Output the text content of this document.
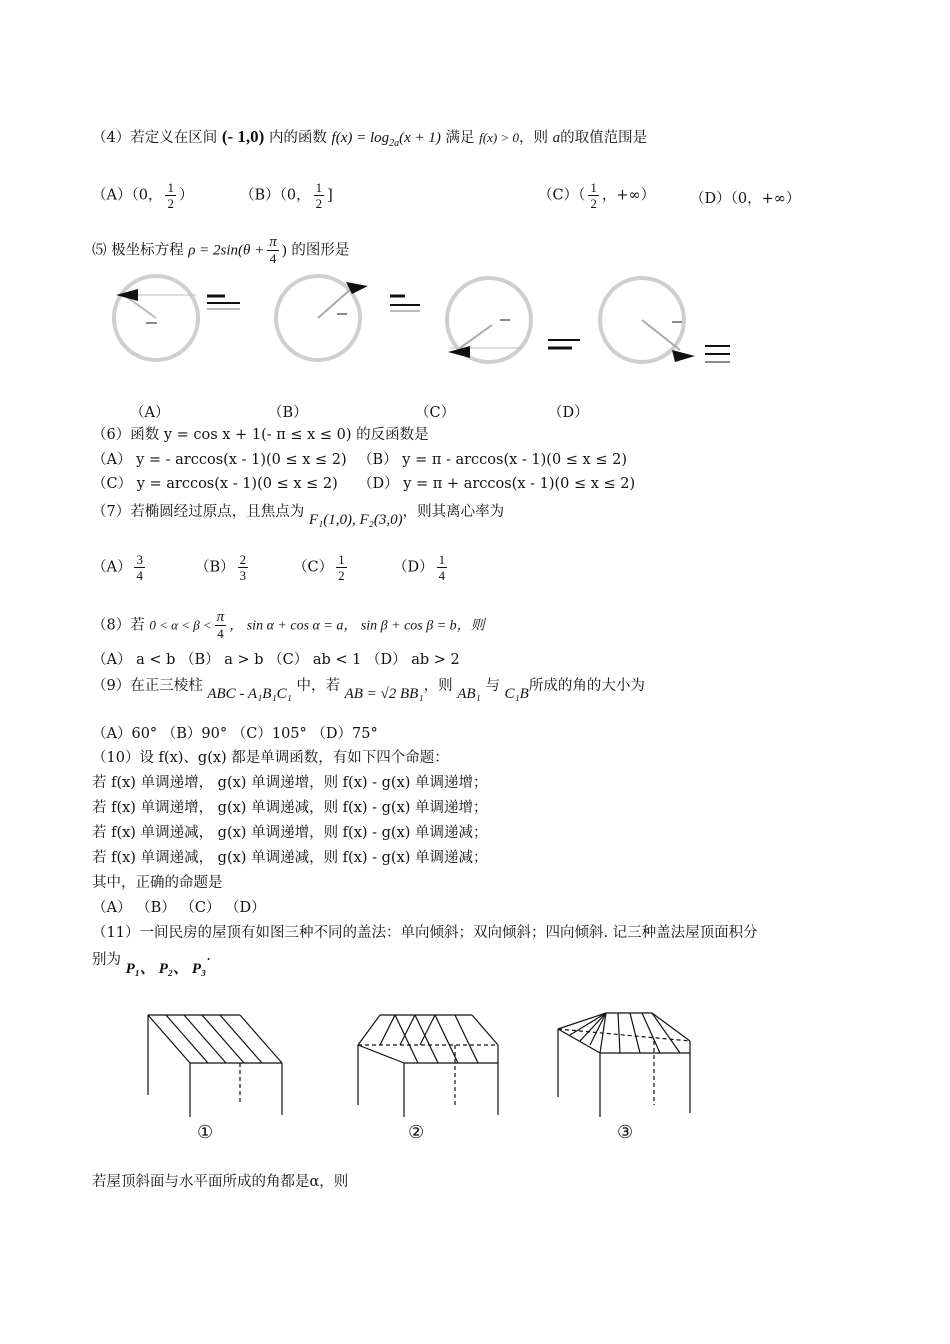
（4）若定义在区间 (- 1,0) 内的函数 $f(x) = \log_{2a}(x + 1)$ 满足 f(x) > 0，则 a的取值范围是
（A）（0， $\frac{1}{2}$ ）	（B）（0， $\frac{1}{2}$ ]	$(C)( \frac{1}{2}$ ，+∞） （D）（0，+∞）
⑸ 极坐标方程 $\rho = 2\sin(\theta + \frac{\pi}{4}$ ) 的图形是
（A）	（B）	（C）	（D）
（6）函数 y = cos x + 1(- π ≤ x ≤ 0) 的反函数是
（A） y = - arccos(x - 1)(0 ≤ x ≤ 2) （B） y = π - arccos(x - 1)(0 ≤ x ≤ 2)
（C） y = arccos(x - 1)(0 ≤ x ≤ 2) （D） y = π + arccos(x - 1)(0 ≤ x ≤ 2)
（7）若椭圆经过原点，且焦点为 F₁(1,0), F₂(3,0)，则其离心率为
$(A) \frac{3}{4}$	$(B) \frac{2}{3}$	$(C) \frac{1}{2}$	$(D) \frac{1}{4}$
（8）若 $0 < \alpha < \beta < \frac{\pi}{4}$ ， sin α + cos α = a， sin β + cos β = b，则
（A） a < b （B） a > b （C） ab < 1 （D） ab > 2
（9）在正三棱柱 ABC - A₁B₁C₁ 中，若 AB = √2 BB₁，则 AB₁ 与 C₁B所成的角的大小为
（A）60° （B）90° （C）105° （D）75°
（10）设 f(x)、g(x) 都是单调函数，有如下四个命题：
若 f(x) 单调递增， g(x) 单调递增，则 f(x) - g(x) 单调递增；
若 f(x) 单调递增， g(x) 单调递减，则 f(x) - g(x) 单调递增；
若 f(x) 单调递减， g(x) 单调递增，则 f(x) - g(x) 单调递减；
若 f(x) 单调递减， g(x) 单调递减，则 f(x) - g(x) 单调递减；
其中，正确的命题是
（A） （B） （C） （D）
（11）一间民房的屋顶有如图三种不同的盖法：单向倾斜；双向倾斜；四向倾斜. 记三种盖法屋顶面积分
别为 P₁、 P₂、 P₃·
①	②	③
若屋顶斜面与水平面所成的角都是α，则
